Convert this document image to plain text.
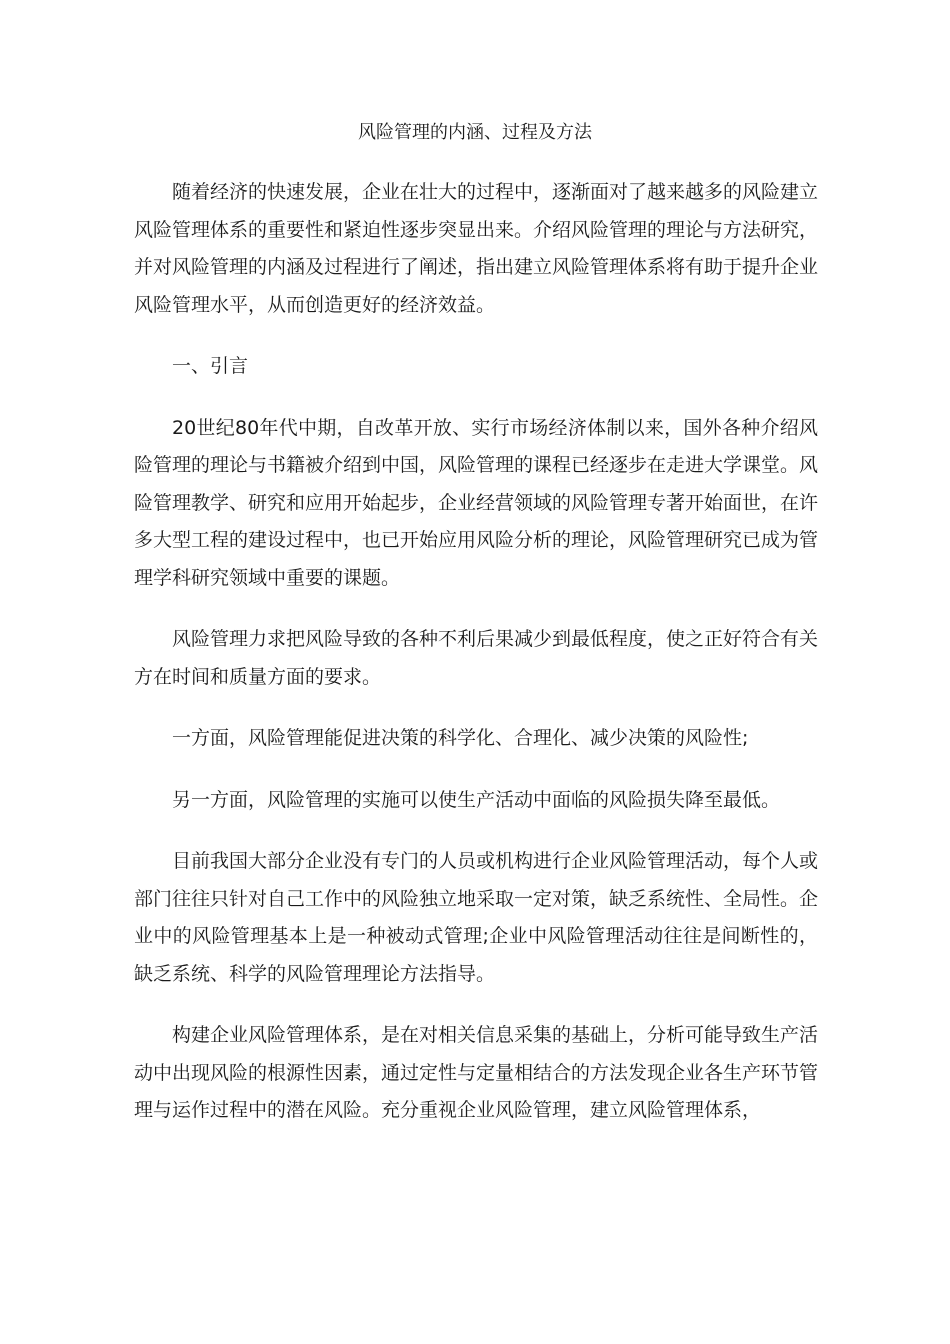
风险管理的内涵、过程及方法

随着经济的快速发展，企业在壮大的过程中，逐渐面对了越来越多的风险建立风险管理体系的重要性和紧迫性逐步突显出来。介绍风险管理的理论与方法研究，并对风险管理的内涵及过程进行了阐述，指出建立风险管理体系将有助于提升企业风险管理水平，从而创造更好的经济效益。

一、引言

20世纪80年代中期，自改革开放、实行市场经济体制以来，国外各种介绍风险管理的理论与书籍被介绍到中国，风险管理的课程已经逐步在走进大学课堂。风险管理教学、研究和应用开始起步，企业经营领域的风险管理专著开始面世，在许多大型工程的建设过程中，也已开始应用风险分析的理论，风险管理研究已成为管理学科研究领域中重要的课题。

风险管理力求把风险导致的各种不利后果减少到最低程度，使之正好符合有关方在时间和质量方面的要求。

一方面，风险管理能促进决策的科学化、合理化、减少决策的风险性;

另一方面，风险管理的实施可以使生产活动中面临的风险损失降至最低。

目前我国大部分企业没有专门的人员或机构进行企业风险管理活动，每个人或部门往往只针对自己工作中的风险独立地采取一定对策，缺乏系统性、全局性。企业中的风险管理基本上是一种被动式管理;企业中风险管理活动往往是间断性的，缺乏系统、科学的风险管理理论方法指导。

构建企业风险管理体系，是在对相关信息采集的基础上，分析可能导致生产活动中出现风险的根源性因素，通过定性与定量相结合的方法发现企业各生产环节管理与运作过程中的潜在风险。充分重视企业风险管理，建立风险管理体系，
